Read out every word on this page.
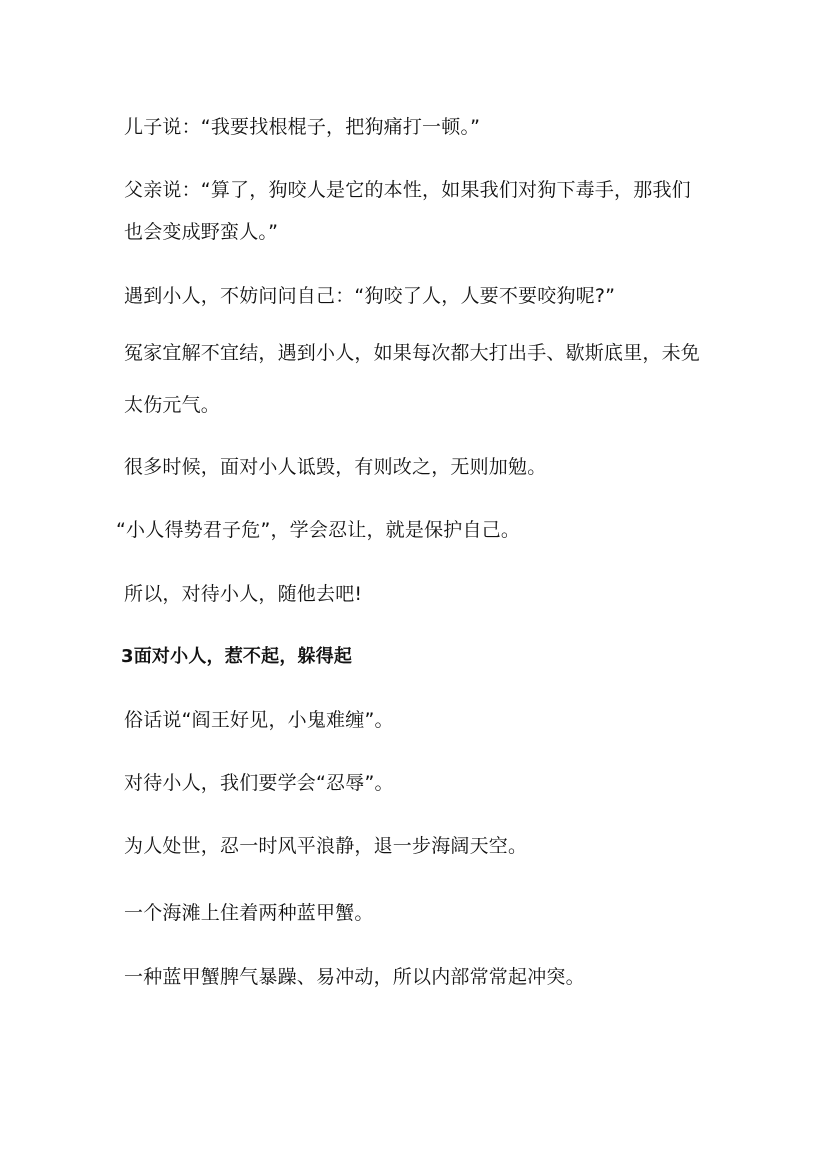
儿子说：“我要找根棍子，把狗痛打一顿。”
父亲说：“算了，狗咬人是它的本性，如果我们对狗下毒手，那我们
也会变成野蛮人。”
遇到小人，不妨问问自己：“狗咬了人，人要不要咬狗呢?”
冤家宜解不宜结，遇到小人，如果每次都大打出手、歇斯底里，未免
太伤元气。
很多时候，面对小人诋毁，有则改之，无则加勉。
“小人得势君子危”，学会忍让，就是保护自己。
所以，对待小人，随他去吧!
3面对小人，惹不起，躲得起
俗话说“阎王好见，小鬼难缠”。
对待小人，我们要学会“忍辱”。
为人处世，忍一时风平浪静，退一步海阔天空。
一个海滩上住着两种蓝甲蟹。
一种蓝甲蟹脾气暴躁、易冲动，所以内部常常起冲突。
